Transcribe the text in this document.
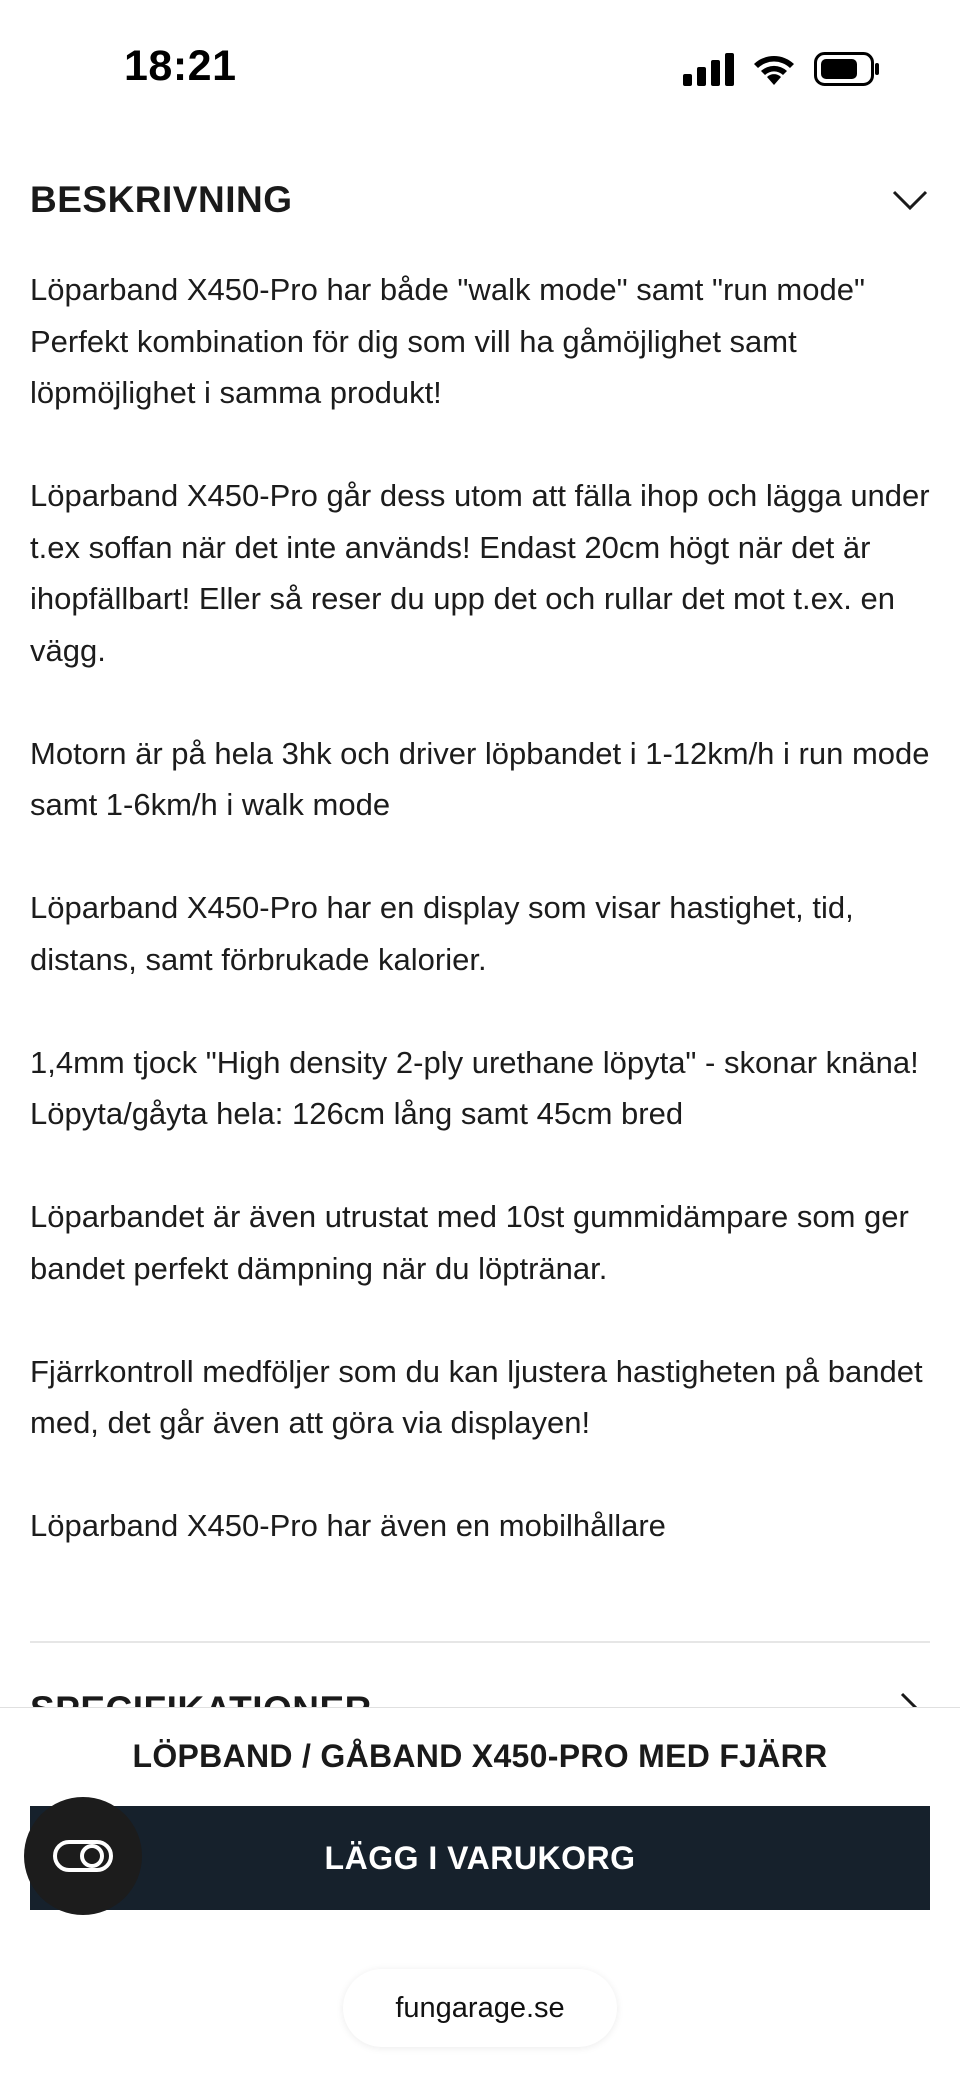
18:21
BESKRIVNING

Löparband X450-Pro har både "walk mode" samt "run mode" Perfekt kombination för dig som vill ha gåmöjlighet samt löpmöjlighet i samma produkt!

Löparband X450-Pro går dess utom att fälla ihop och lägga under t.ex soffan när det inte används! Endast 20cm högt när det är ihopfällbart! Eller så reser du upp det och rullar det mot t.ex. en vägg.

Motorn är på hela 3hk och driver löpbandet i 1-12km/h i run mode samt 1-6km/h i walk mode

Löparband X450-Pro har en display som visar hastighet, tid, distans, samt förbrukade kalorier.

1,4mm tjock "High density 2-ply urethane löpyta" - skonar knäna!
Löpyta/gåyta hela: 126cm lång samt 45cm bred

Löparbandet är även utrustat med 10st gummidämpare som ger bandet perfekt dämpning när du löptränar.

Fjärrkontroll medföljer som du kan ljustera hastigheten på bandet med, det går även att göra via displayen!

Löparband X450-Pro har även en mobilhållare

LÖPBAND / GÅBAND X450-PRO MED FJÄRR
LÄGG I VARUKORG
fungarage.se
